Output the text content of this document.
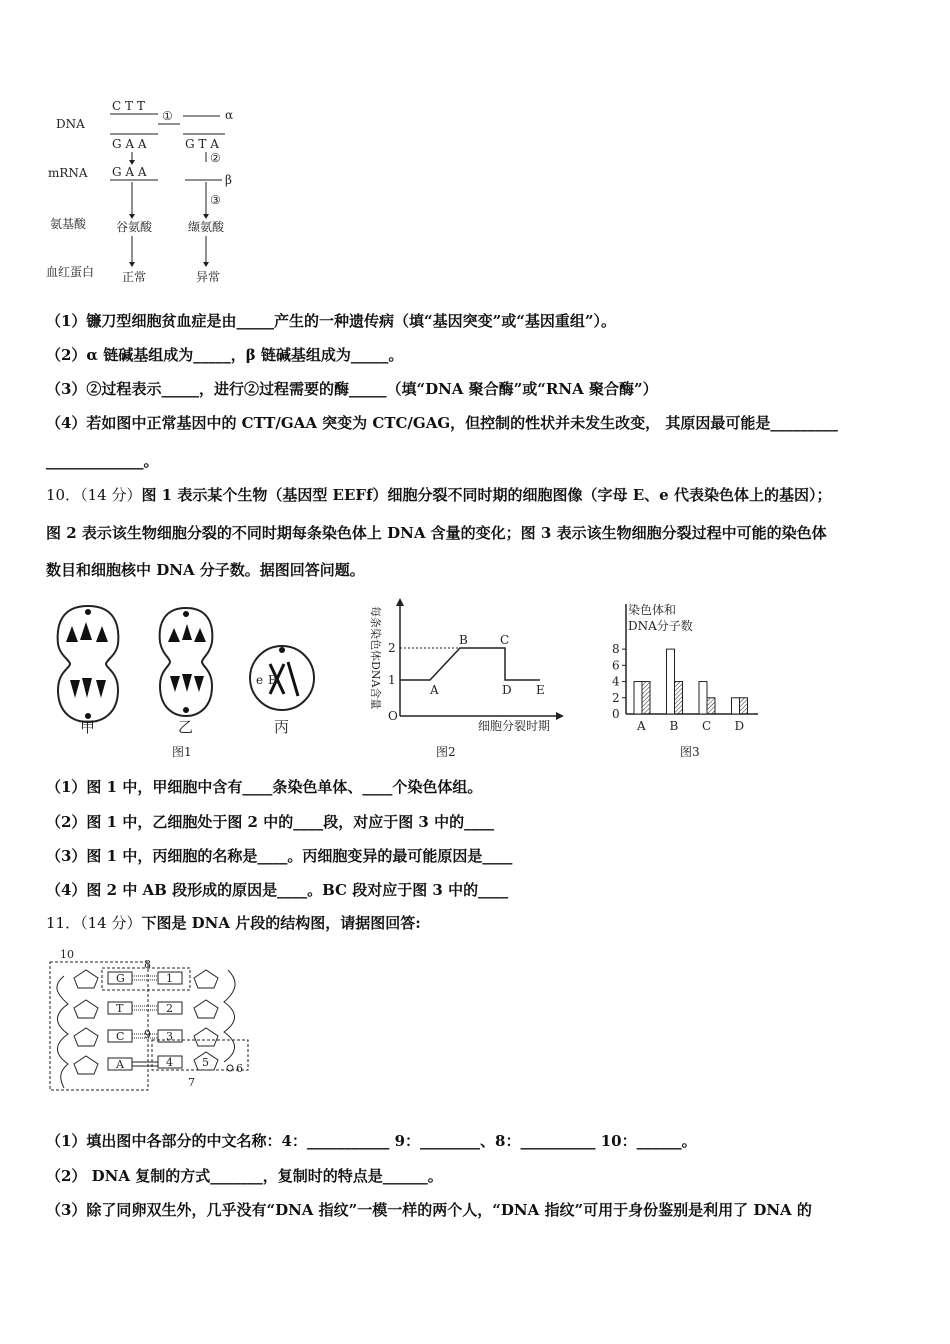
DNA
mRNA
氨基酸
血红蛋白
C T T
G A A
①	α
G T A
G A A
②
β
③
谷氨酸	缬氨酸
正常	异常
（1）镰刀型细胞贫血症是由_____产生的一种遗传病（填“基因突变”或“基因重组”）。
（2）α 链碱基组成为_____，β 链碱基组成为_____。
（3）②过程表示_____，进行②过程需要的酶_____（填“DNA 聚合酶”或“RNA 聚合酶”）
（4）若如图中正常基因中的 CTT/GAA 突变为 CTC/GAG，但控制的性状并未发生改变， 其原因最可能是_________
_____________。
10．（14 分）图 1 表示某个生物（基因型 EEFf）细胞分裂不同时期的细胞图像（字母 E、e 代表染色体上的基因）；
图 2 表示该生物细胞分裂的不同时期每条染色体上 DNA 含量的变化；图 3 表示该生物细胞分裂过程中可能的染色体
数目和细胞核中 DNA 分子数。据图回答问题。
e E
甲	乙	丙
图1
每条染色体DNA含量
O
1
2
A
B	C
D E
细胞分裂时期
图2
染色体和
DNA分子数
0
2
4
6
8
A B C D
图3
（1）图 1 中，甲细胞中含有____条染色单体、____个染色体组。
（2）图 1 中，乙细胞处于图 2 中的____段，对应于图 3 中的____
（3）图 1 中，丙细胞的名称是____。丙细胞变异的最可能原因是____
（4）图 2 中 AB 段形成的原因是____。BC 段对应于图 3 中的____
11．（14 分）下图是 DNA 片段的结构图，请据图回答:
10
8
9
7
6
G	1
T	2
C	3
A	4	5
（1）填出图中各部分的中文名称：4：___________ 9：________、8：__________ 10：______。
（2） DNA 复制的方式_______，复制时的特点是______。
（3）除了同卵双生外，几乎没有“DNA 指纹”一模一样的两个人，“DNA 指纹”可用于身份鉴别是利用了 DNA 的
